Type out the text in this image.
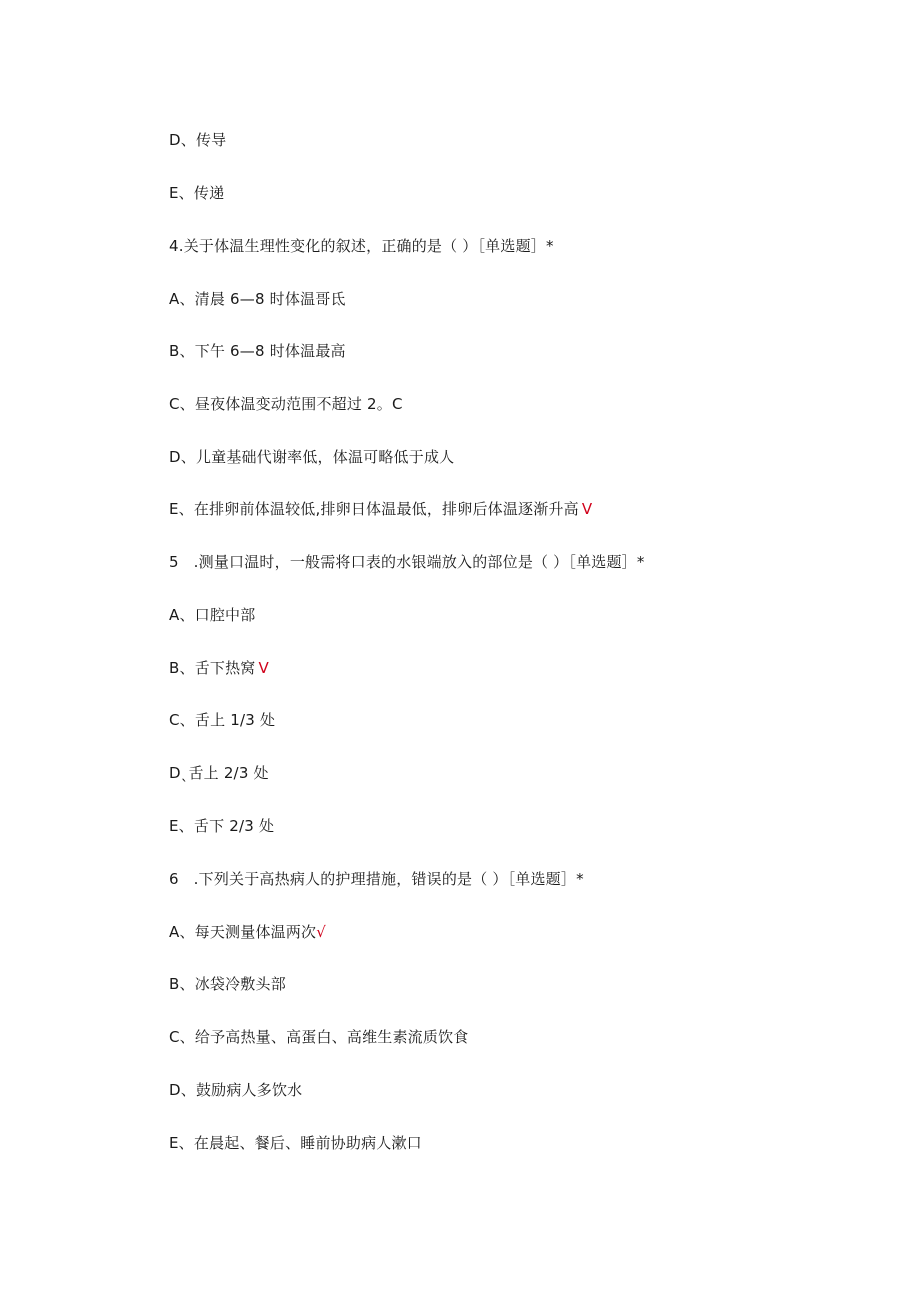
D、传导
E、传递
4.关于体温生理性变化的叙述，正确的是（ ）［单选题］*
A、清晨 6—8 时体温哥氐
B、下午 6—8 时体温最高
C、昼夜体温变动范围不超过 2。C
D、儿童基础代谢率低，体温可略低于成人
E、在排卵前体温较低,排卵日体温最低，排卵后体温逐渐升高 V
5   .测量口温时，一般需将口表的水银端放入的部位是（ ）［单选题］*
A、口腔中部
B、舌下热窝 V
C、舌上 1/3 处
Dˎ舌上 2/3 处
E、舌下 2/3 处
6   .下列关于高热病人的护理措施，错误的是（ ）［单选题］*
A、每天测量体温两次√
B、冰袋冷敷头部
C、给予高热量、高蛋白、高维生素流质饮食
D、鼓励病人多饮水
E、在晨起、餐后、睡前协助病人漱口
